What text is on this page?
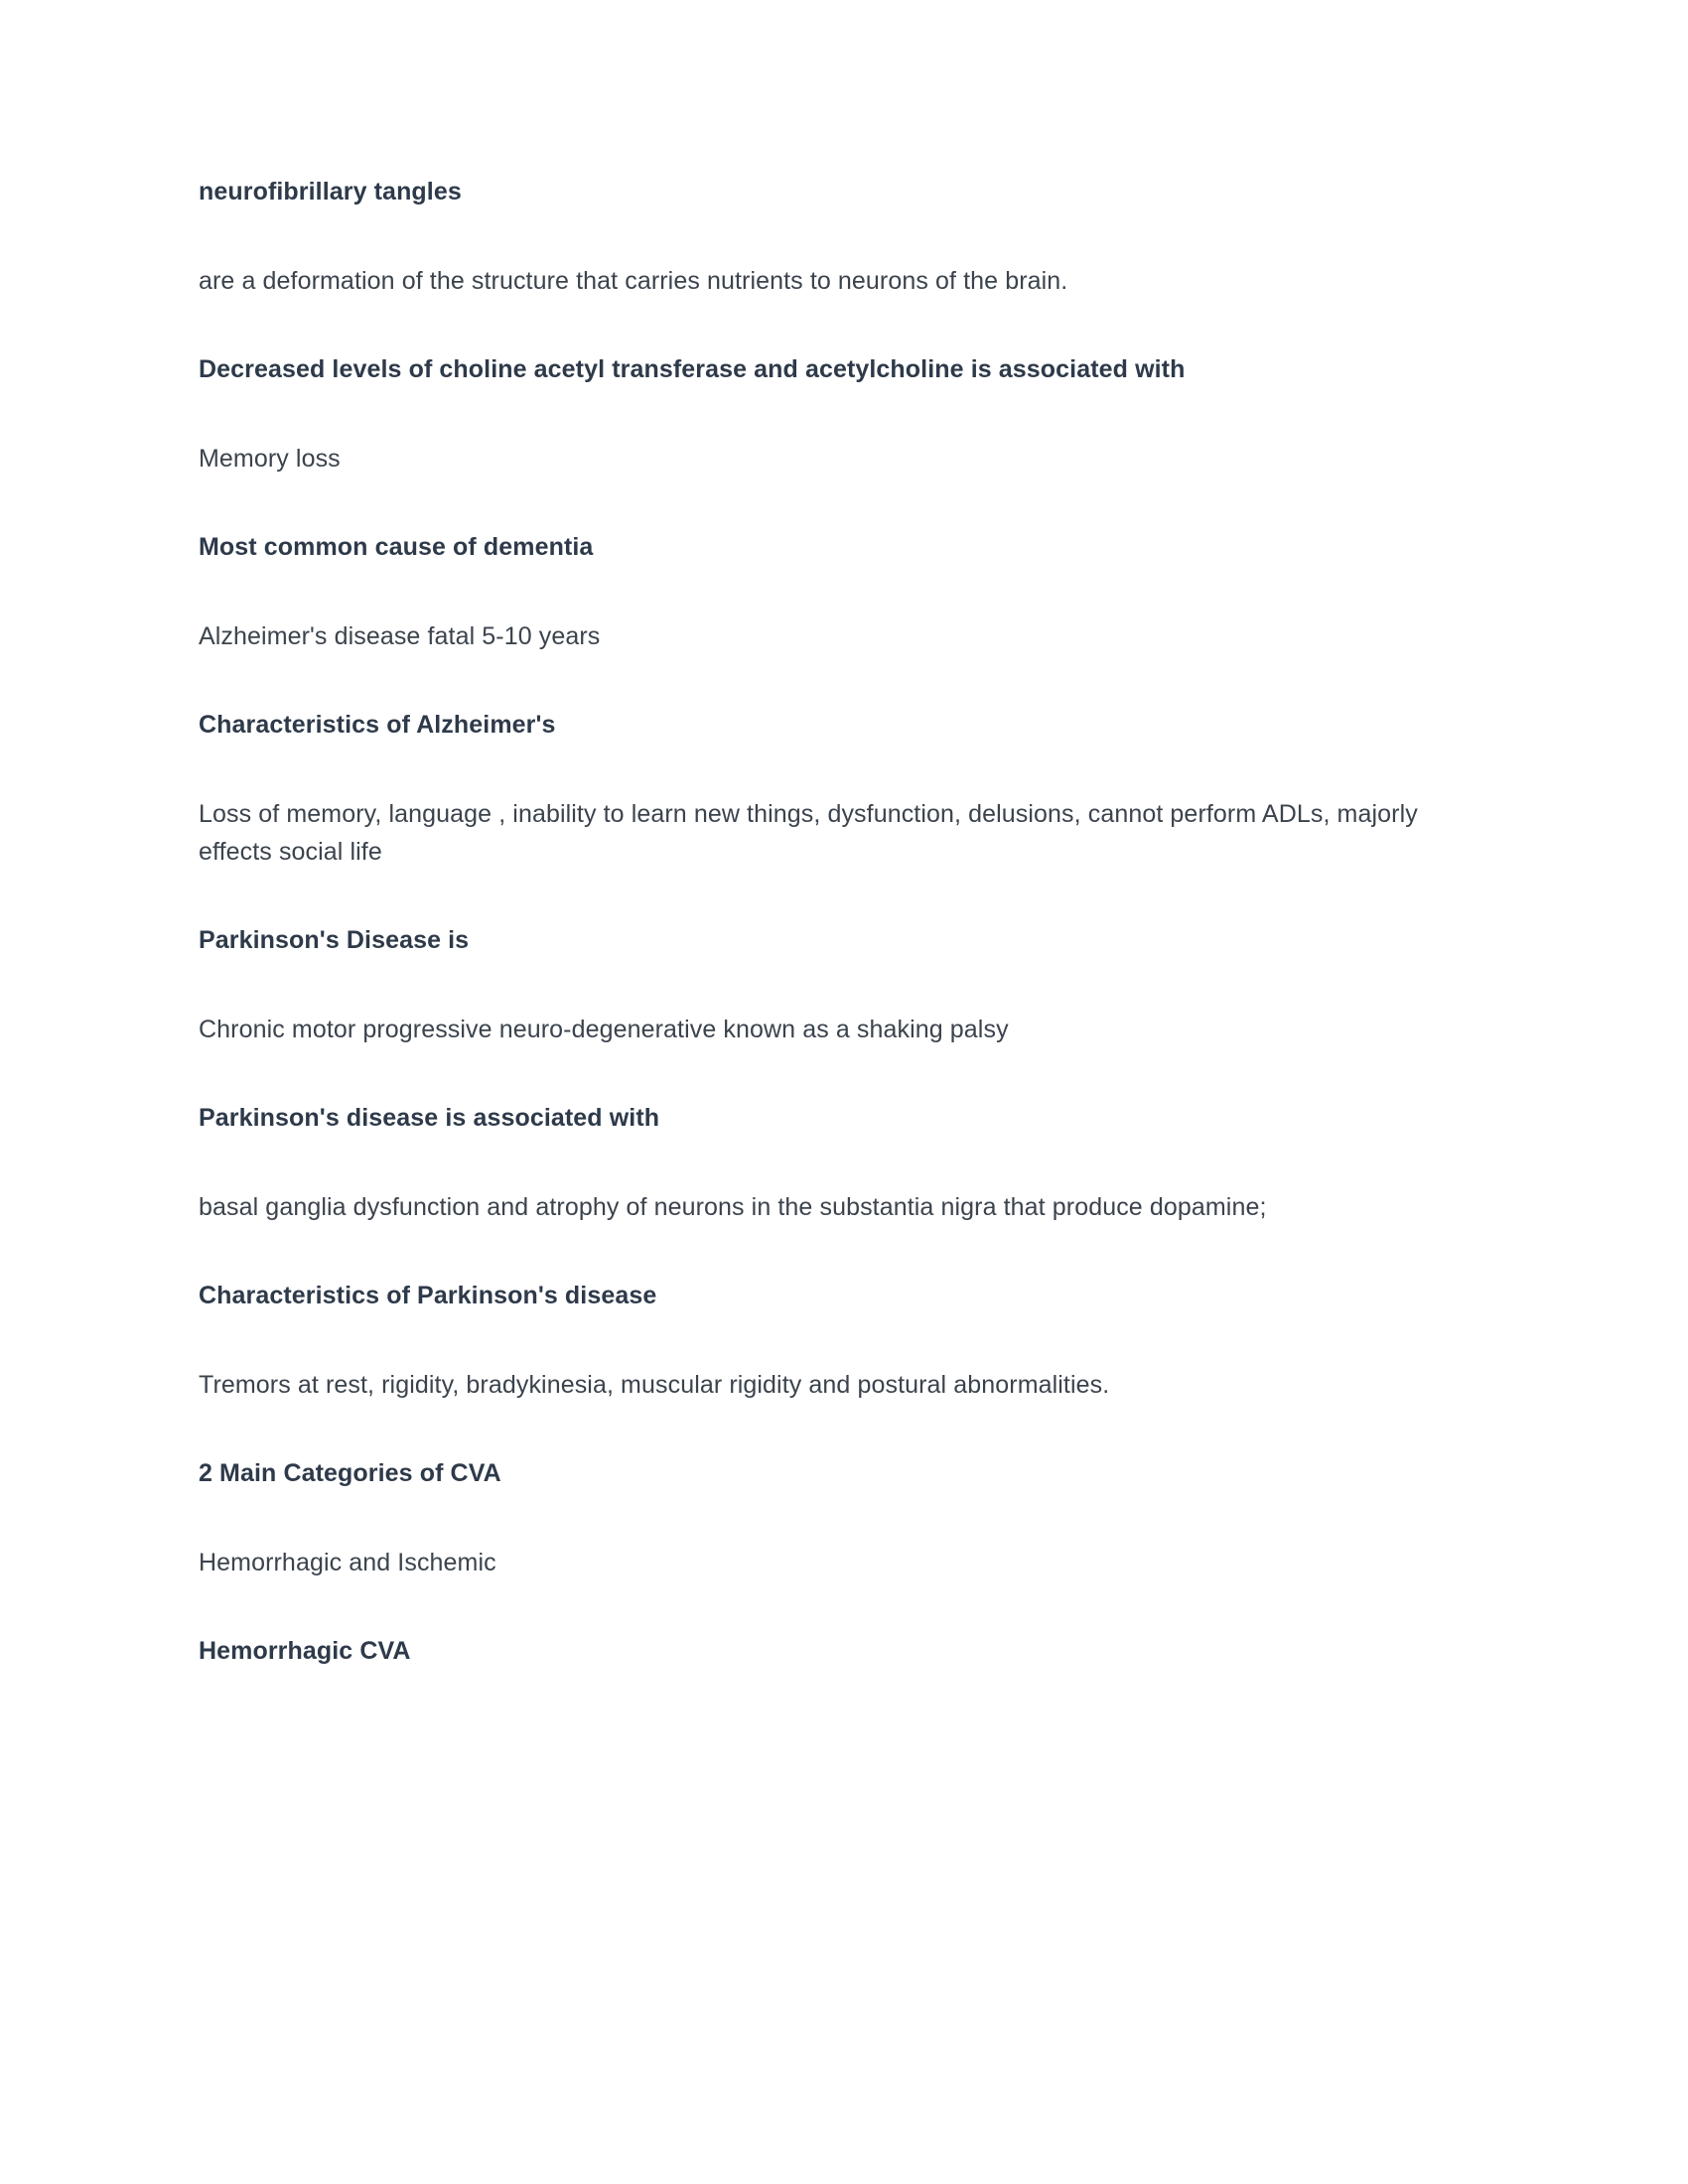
neurofibrillary tangles

are a deformation of the structure that carries nutrients to neurons of the brain.

Decreased levels of choline acetyl transferase and acetylcholine is associated with

Memory loss

Most common cause of dementia

Alzheimer's disease fatal 5-10 years

Characteristics of Alzheimer's

Loss of memory, language , inability to learn new things, dysfunction, delusions, cannot perform ADLs, majorly effects social life

Parkinson's Disease is

Chronic motor progressive neuro-degenerative known as a shaking palsy

Parkinson's disease is associated with

basal ganglia dysfunction and atrophy of neurons in the substantia nigra that produce dopamine;

Characteristics of Parkinson's disease

Tremors at rest, rigidity, bradykinesia, muscular rigidity and postural abnormalities.

2 Main Categories of CVA

Hemorrhagic and Ischemic

Hemorrhagic CVA
